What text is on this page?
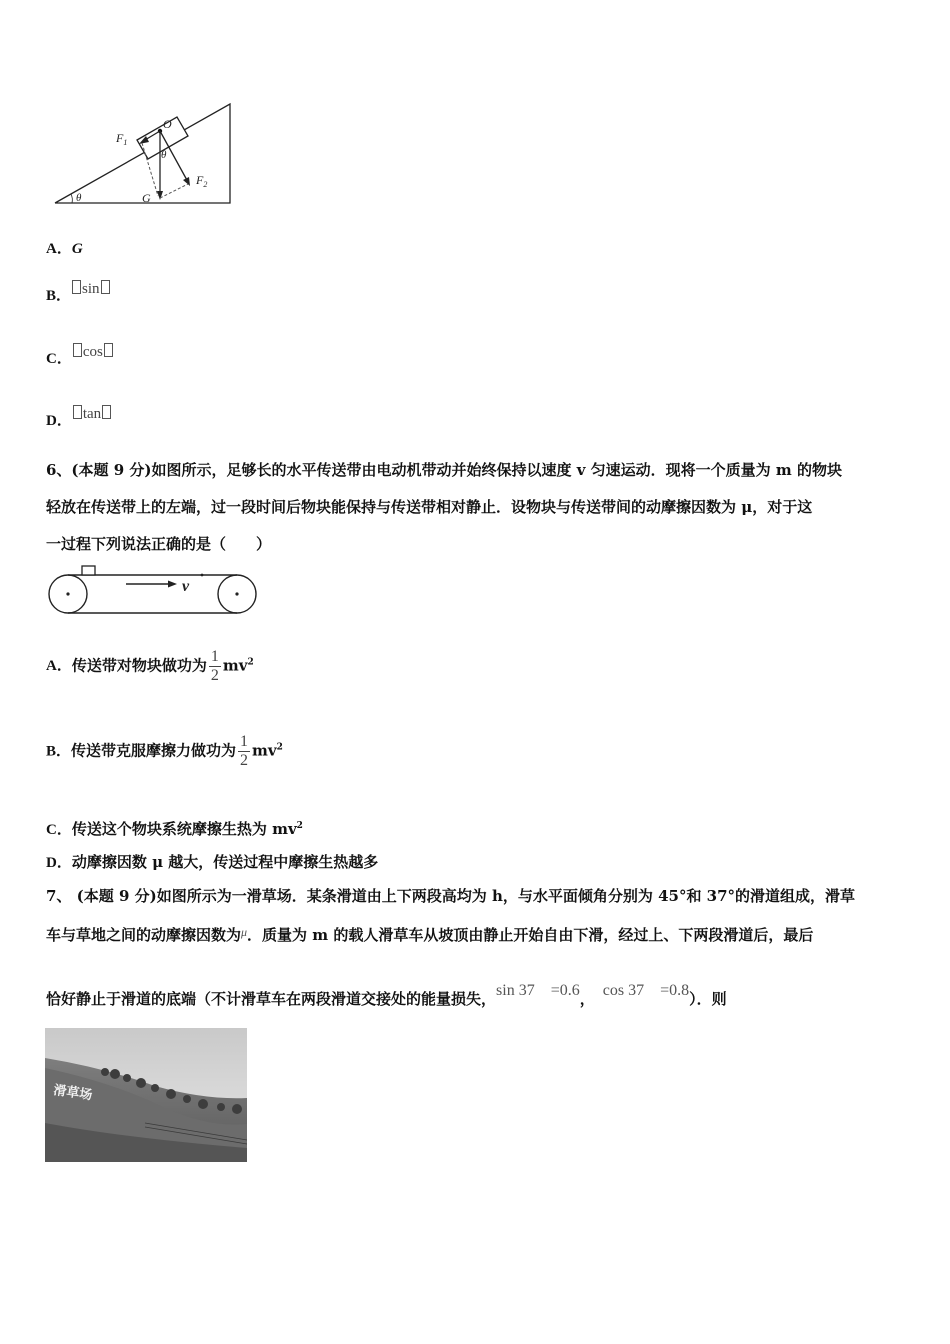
O
$F_1$
$F_2$
θ
θ	G
A．G
B． sin
C． cos
D． tan
6、(本题 9 分)如图所示，足够长的水平传送带由电动机带动并始终保持以速度 v 匀速运动．现将一个质量为 m 的物块
轻放在传送带上的左端，过一段时间后物块能保持与传送带相对静止．设物块与传送带间的动摩擦因数为 μ，对于这
一过程下列说法正确的是（　　）
v
A．传送带对物块做功为 $\frac{1}{2} mv^2$
B．传送带克服摩擦力做功为 $\frac{1}{2} mv^2$
C．传送这个物块系统摩擦生热为 $mv^2$
D．动摩擦因数 μ 越大，传送过程中摩擦生热越多
7、 (本题 9 分)如图所示为一滑草场．某条滑道由上下两段高均为 h，与水平面倾角分别为 45°和 37°的滑道组成，滑草
车与草地之间的动摩擦因数为$^\mu$．质量为 m 的载人滑草车从坡顶由静止开始自由下滑，经过上、下两段滑道后，最后
恰好静止于滑道的底端（不计滑草车在两段滑道交接处的能量损失，sin 37　=0.6， cos 37　=0.8）．则
滑草场
